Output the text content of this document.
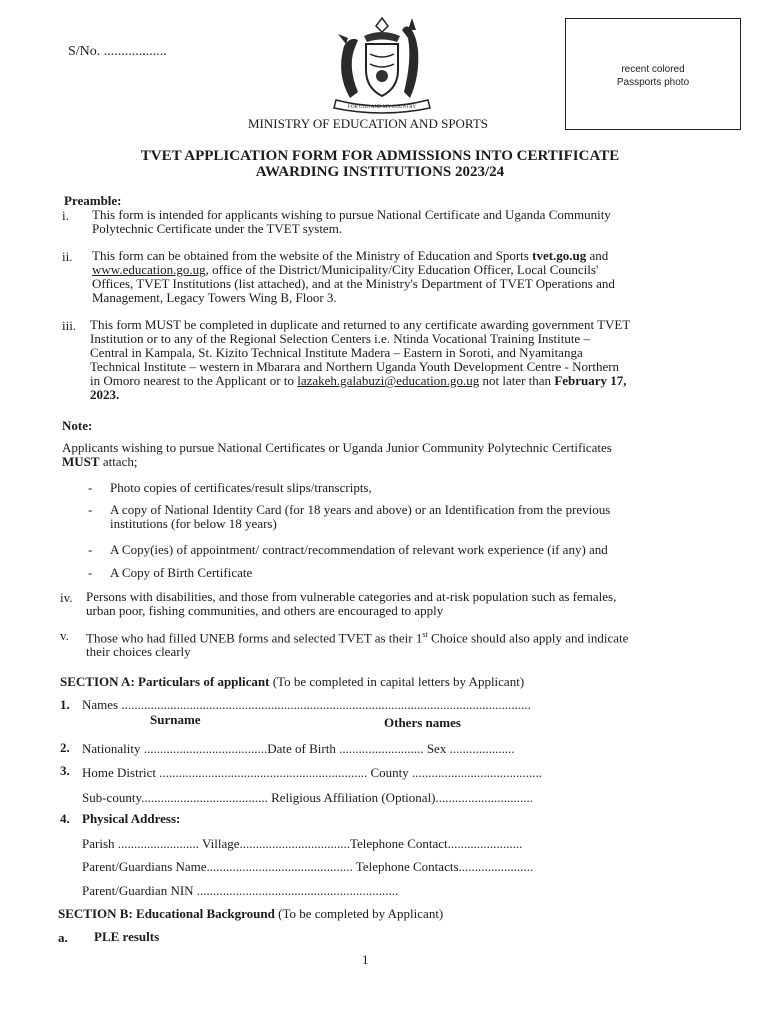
S/No. ..................
FOR GOD AND MY COUNTRY
recent colored
Passports photo
MINISTRY OF EDUCATION AND SPORTS
TVET APPLICATION FORM FOR ADMISSIONS INTO CERTIFICATE
AWARDING INSTITUTIONS 2023/24
Preamble:
i.	This form is intended for applicants wishing to pursue National Certificate and Uganda Community
Polytechnic Certificate under the TVET system.
ii.	This form can be obtained from the website of the Ministry of Education and Sports tvet.go.ug and
www.education.go.ug, office of the District/Municipality/City Education Officer, Local Councils'
Offices, TVET Institutions (list attached), and at the Ministry's Department of TVET Operations and
Management, Legacy Towers Wing B, Floor 3.
iii.	This form MUST be completed in duplicate and returned to any certificate awarding government TVET
Institution or to any of the Regional Selection Centers i.e. Ntinda Vocational Training Institute –
Central in Kampala, St. Kizito Technical Institute Madera – Eastern in Soroti, and Nyamitanga
Technical Institute – western in Mbarara and Northern Uganda Youth Development Centre - Northern
in Omoro nearest to the Applicant or to lazakeh.galabuzi@education.go.ug not later than February 17,
2023.
Note:
Applicants wishing to pursue National Certificates or Uganda Junior Community Polytechnic Certificates
MUST attach;
- Photo copies of certificates/result slips/transcripts,
- A copy of National Identity Card (for 18 years and above) or an Identification from the previous
institutions (for below 18 years)
- A Copy(ies) of appointment/ contract/recommendation of relevant work experience (if any) and
- A Copy of Birth Certificate
iv.	Persons with disabilities, and those from vulnerable categories and at-risk population such as females,
urban poor, fishing communities, and others are encouraged to apply
v.	Those who had filled UNEB forms and selected TVET as their 1st Choice should also apply and indicate
their choices clearly
SECTION A: Particulars of applicant (To be completed in capital letters by Applicant)
1. Names ..............................................................................................................................
Surname	Others names
2. Nationality ......................................Date of Birth .......................... Sex ....................
3. Home District ................................................................ County ........................................
Sub-county....................................... Religious Affiliation (Optional)..............................
4. Physical Address:
Parish ......................... Village..................................Telephone Contact.......................
Parent/Guardians Name............................................. Telephone Contacts.......................
Parent/Guardian NIN ..............................................................
SECTION B: Educational Background (To be completed by Applicant)
a. PLE results
1
